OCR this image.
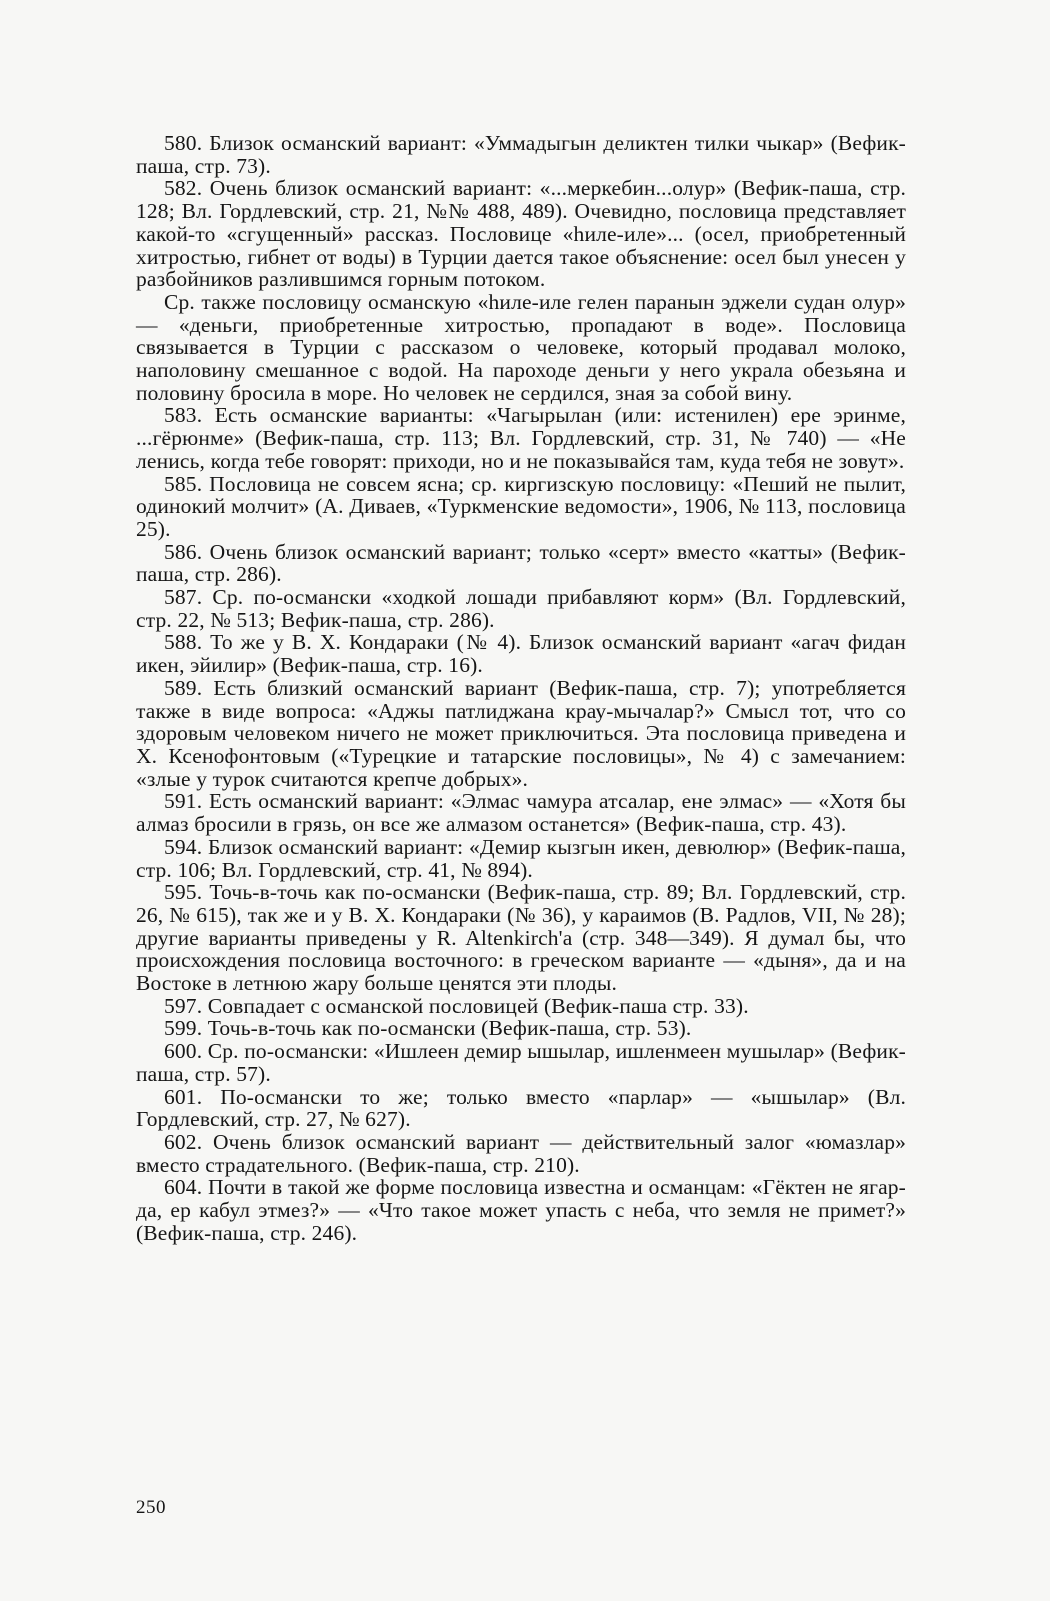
580. Близок османский вариант: «Уммадыгын деликтен тилки чыкар» (Вефик-паша, стр. 73).

582. Очень близок османский вариант: «...меркебин...олур» (Вефик-паша, стр. 128; Вл. Гордлевский, стр. 21, №№ 488, 489). Очевидно, пословица представляет какой-то «сгущенный» рассказ. Пословице «һиле-иле»... (осел, приобретенный хитростью, гибнет от воды) в Турции дается такое объяснение: осел был унесен у разбойников разлившимся горным потоком.

Ср. также пословицу османскую «һиле-иле гелен паранын эджели судан олур» — «деньги, приобретенные хитростью, пропадают в воде». Пословица связывается в Турции с рассказом о человеке, который продавал молоко, наполовину смешанное с водой. На пароходе деньги у него украла обезьяна и половину бросила в море. Но человек не сердился, зная за собой вину.

583. Есть османские варианты: «Чагырылан (или: истенилен) ере эринме, ...гёрюнме» (Вефик-паша, стр. 113; Вл. Гордлевский, стр. 31, № 740) — «Не ленись, когда тебе говорят: приходи, но и не показывайся там, куда тебя не зовут».

585. Пословица не совсем ясна; ср. киргизскую пословицу: «Пеший не пылит, одинокий молчит» (А. Диваев, «Туркменские ведомости», 1906, № 113, пословица 25).

586. Очень близок османский вариант; только «серт» вместо «катты» (Вефик-паша, стр. 286).

587. Ср. по-османски «ходкой лошади прибавляют корм» (Вл. Гордлевский, стр. 22, № 513; Вефик-паша, стр. 286).

588. То же у В. Х. Кондараки (№ 4). Близок османский вариант «агач фидан икен, эйилир» (Вефик-паша, стр. 16).

589. Есть близкий османский вариант (Вефик-паша, стр. 7); употребляется также в виде вопроса: «Аджы патлиджана крау-мычалар?» Смысл тот, что со здоровым человеком ничего не может приключиться. Эта пословица приведена и Х. Ксенофонтовым («Турецкие и татарские пословицы», № 4) с замечанием: «злые у турок считаются крепче добрых».

591. Есть османский вариант: «Элмас чамура атсалар, ене элмас» — «Хотя бы алмаз бросили в грязь, он все же алмазом останется» (Вефик-паша, стр. 43).

594. Близок османский вариант: «Демир кызгын икен, девюлюр» (Вефик-паша, стр. 106; Вл. Гордлевский, стр. 41, № 894).

595. Точь-в-точь как по-османски (Вефик-паша, стр. 89; Вл. Гордлевский, стр. 26, № 615), так же и у В. Х. Кондараки (№ 36), у караимов (В. Радлов, VII, № 28); другие варианты приведены у R. Altenkirch'a (стр. 348—349). Я думал бы, что происхождения пословица восточного: в греческом варианте — «дыня», да и на Востоке в летнюю жару больше ценятся эти плоды.

597. Совпадает с османской пословицей (Вефик-паша стр. 33).

599. Точь-в-точь как по-османски (Вефик-паша, стр. 53).

600. Ср. по-османски: «Ишлеен демир ышылар, ишленмеен мушылар» (Вефик-паша, стр. 57).

601. По-османски то же; только вместо «парлар» — «ышылар» (Вл. Гордлевский, стр. 27, № 627).

602. Очень близок османский вариант — действительный залог «юмазлар» вместо страдательного. (Вефик-паша, стр. 210).

604. Почти в такой же форме пословица известна и османцам: «Гёктен не ягар-да, ер кабул этмез?» — «Что такое может упасть с неба, что земля не примет?» (Вефик-паша, стр. 246).

250
